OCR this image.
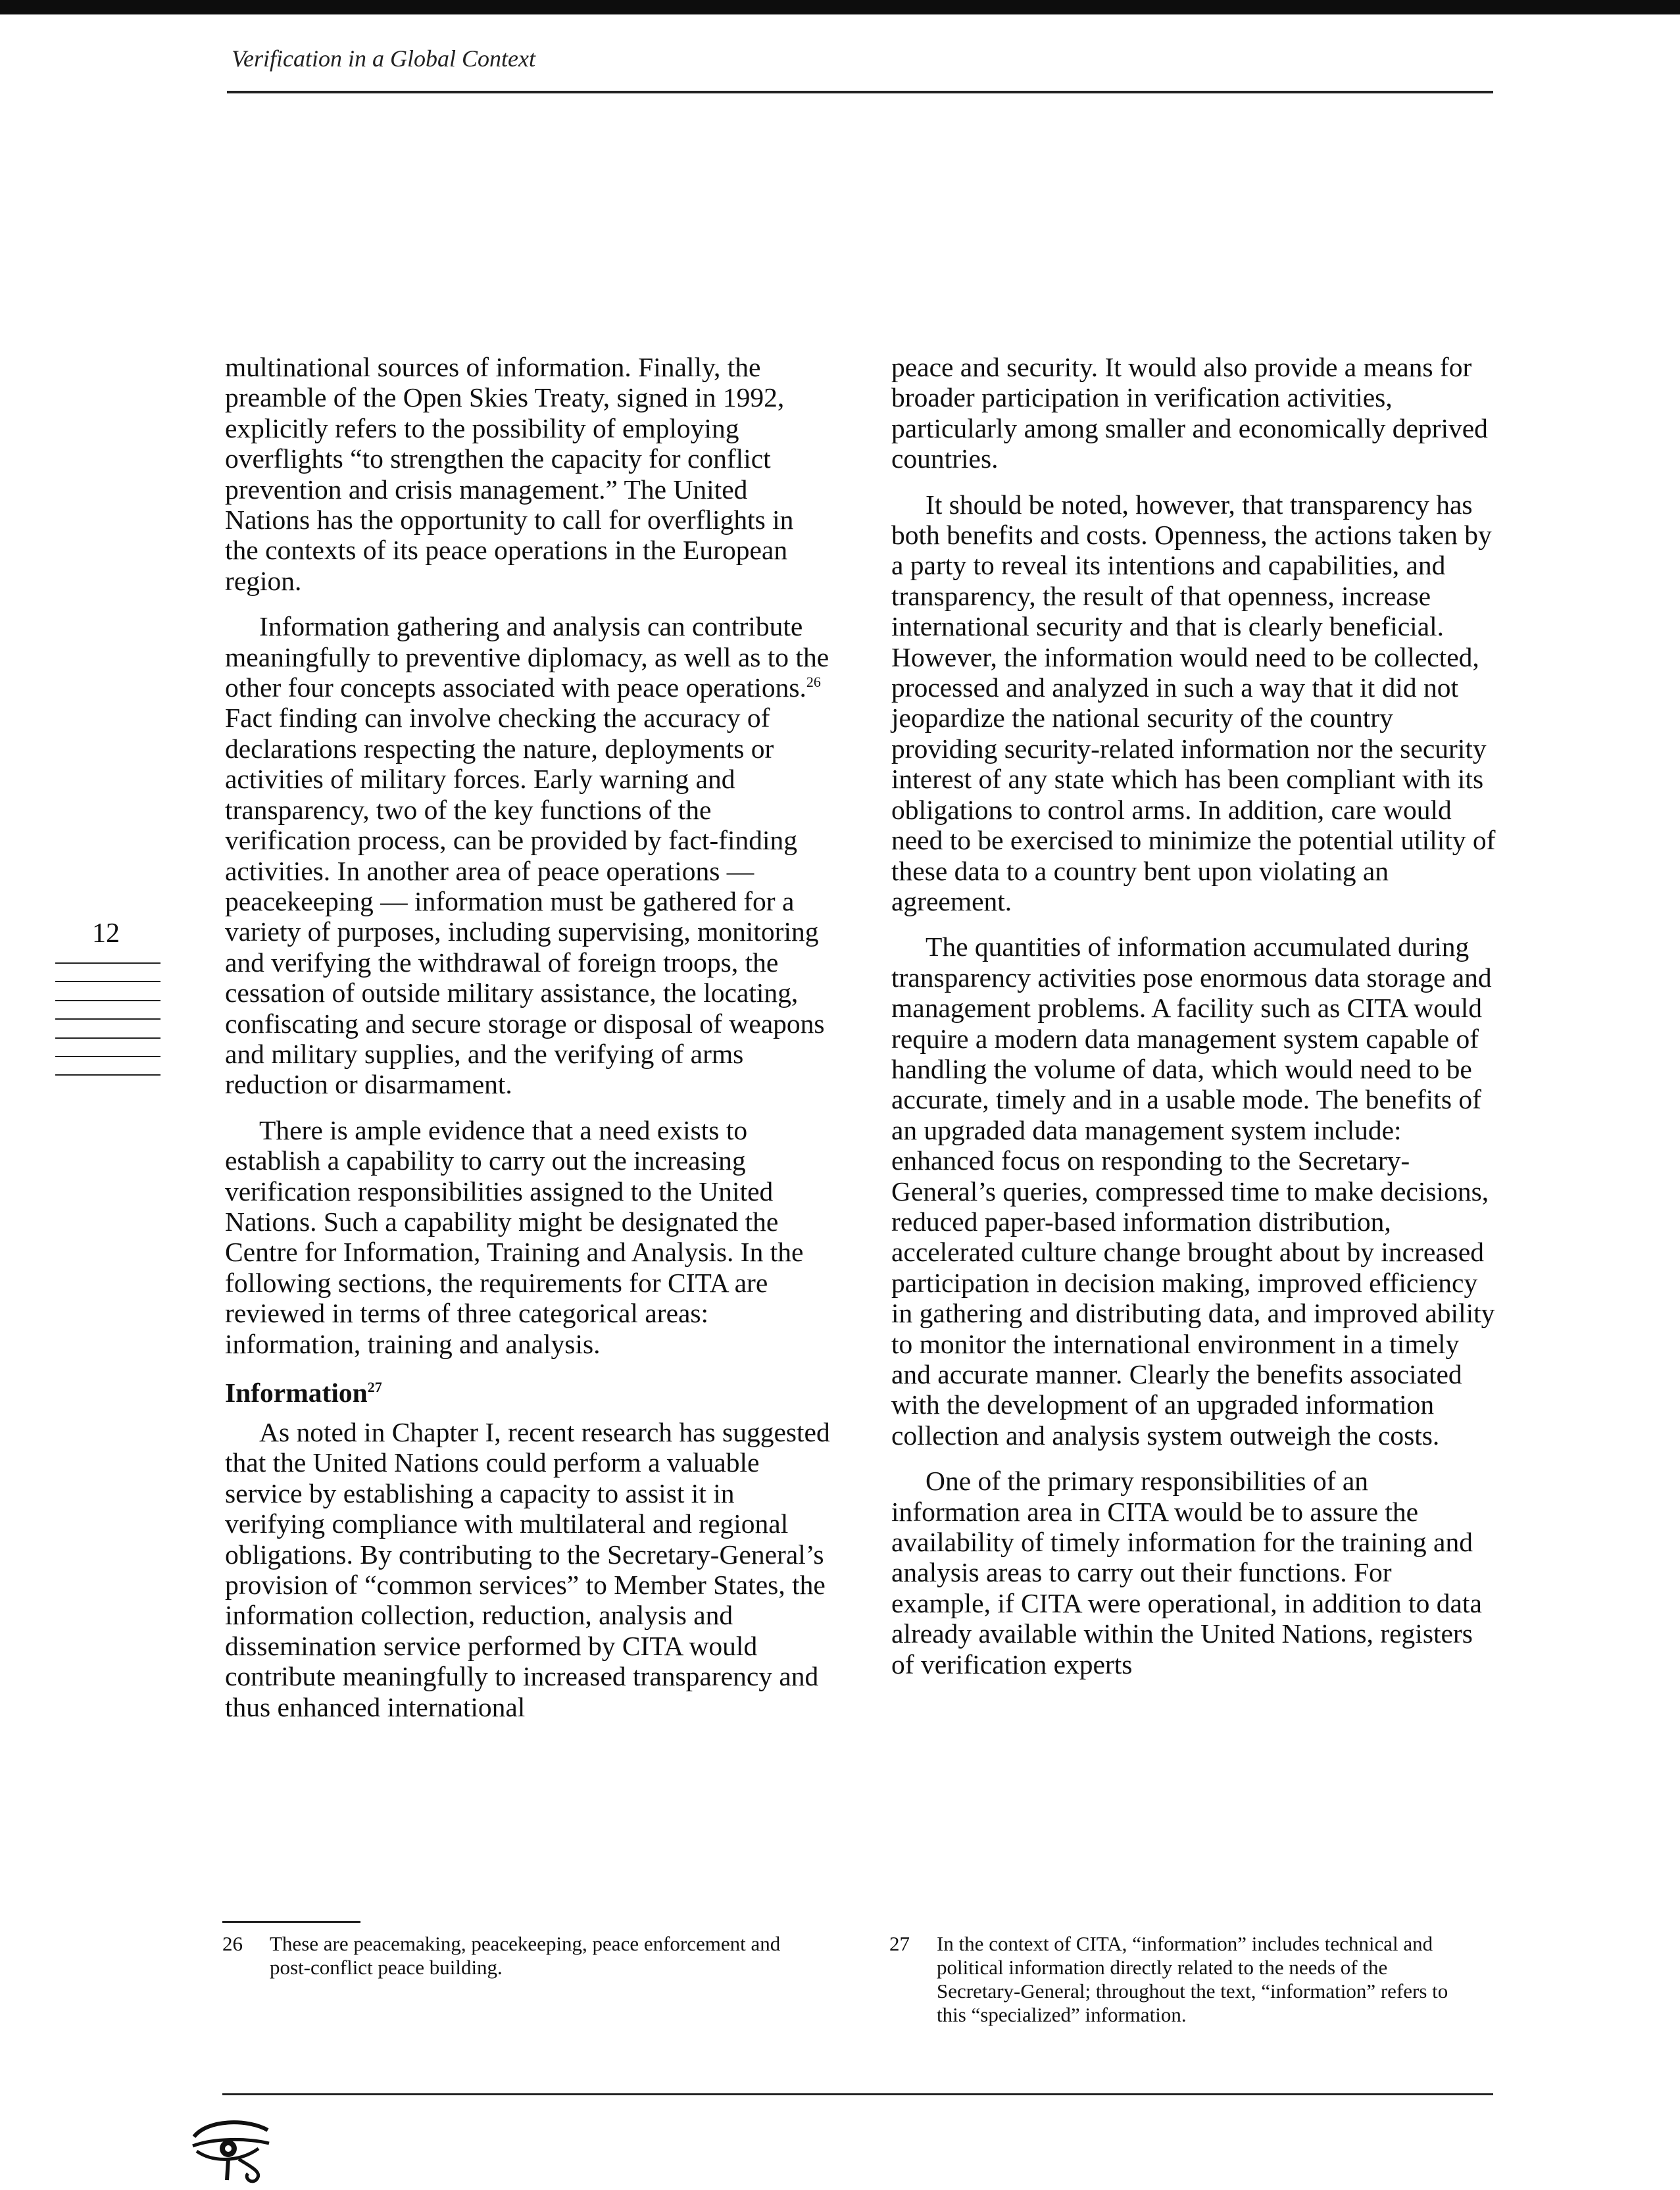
Verification in a Global Context
12

multinational sources of information. Finally, the preamble of the Open Skies Treaty, signed in 1992, explicitly refers to the possibility of employing overflights “to strengthen the capacity for conflict prevention and crisis management.” The United Nations has the opportunity to call for overflights in the contexts of its peace operations in the European region.

Information gathering and analysis can contribute meaningfully to preventive diplomacy, as well as to the other four concepts associated with peace operations.$^{26}$ Fact finding can involve checking the accuracy of declarations respecting the nature, deployments or activities of military forces. Early warning and transparency, two of the key functions of the verification process, can be provided by fact-finding activities. In another area of peace operations — peacekeeping — information must be gathered for a variety of purposes, including supervising, monitoring and verifying the withdrawal of foreign troops, the cessation of outside military assistance, the locating, confiscating and secure storage or disposal of weapons and military supplies, and the verifying of arms reduction or disarmament.

There is ample evidence that a need exists to establish a capability to carry out the increasing verification responsibilities assigned to the United Nations. Such a capability might be designated the Centre for Information, Training and Analysis. In the following sections, the requirements for CITA are reviewed in terms of three categorical areas: information, training and analysis.

Information$^{27}$

As noted in Chapter I, recent research has suggested that the United Nations could perform a valuable service by establishing a capacity to assist it in verifying compliance with multilateral and regional obligations. By contributing to the Secretary-General’s provision of “common services” to Member States, the information collection, reduction, analysis and dissemination service performed by CITA would contribute meaningfully to increased transparency and thus enhanced international

peace and security. It would also provide a means for broader participation in verification activities, particularly among smaller and economically deprived countries.

It should be noted, however, that transparency has both benefits and costs. Openness, the actions taken by a party to reveal its intentions and capabilities, and transparency, the result of that openness, increase international security and that is clearly beneficial. However, the information would need to be collected, processed and analyzed in such a way that it did not jeopardize the national security of the country providing security-related information nor the security interest of any state which has been compliant with its obligations to control arms. In addition, care would need to be exercised to minimize the potential utility of these data to a country bent upon violating an agreement.

The quantities of information accumulated during transparency activities pose enormous data storage and management problems. A facility such as CITA would require a modern data management system capable of handling the volume of data, which would need to be accurate, timely and in a usable mode. The benefits of an upgraded data management system include: enhanced focus on responding to the Secretary-General’s queries, compressed time to make decisions, reduced paper-based information distribution, accelerated culture change brought about by increased participation in decision making, improved efficiency in gathering and distributing data, and improved ability to monitor the international environment in a timely and accurate manner. Clearly the benefits associated with the development of an upgraded information collection and analysis system outweigh the costs.

One of the primary responsibilities of an information area in CITA would be to assure the availability of timely information for the training and analysis areas to carry out their functions. For example, if CITA were operational, in addition to data already available within the United Nations, registers of verification experts

26	These are peacemaking, peacekeeping, peace enforcement and post-conflict peace building.
27	In the context of CITA, “information” includes technical and political information directly related to the needs of the Secretary-General; throughout the text, “information” refers to this “specialized” information.
